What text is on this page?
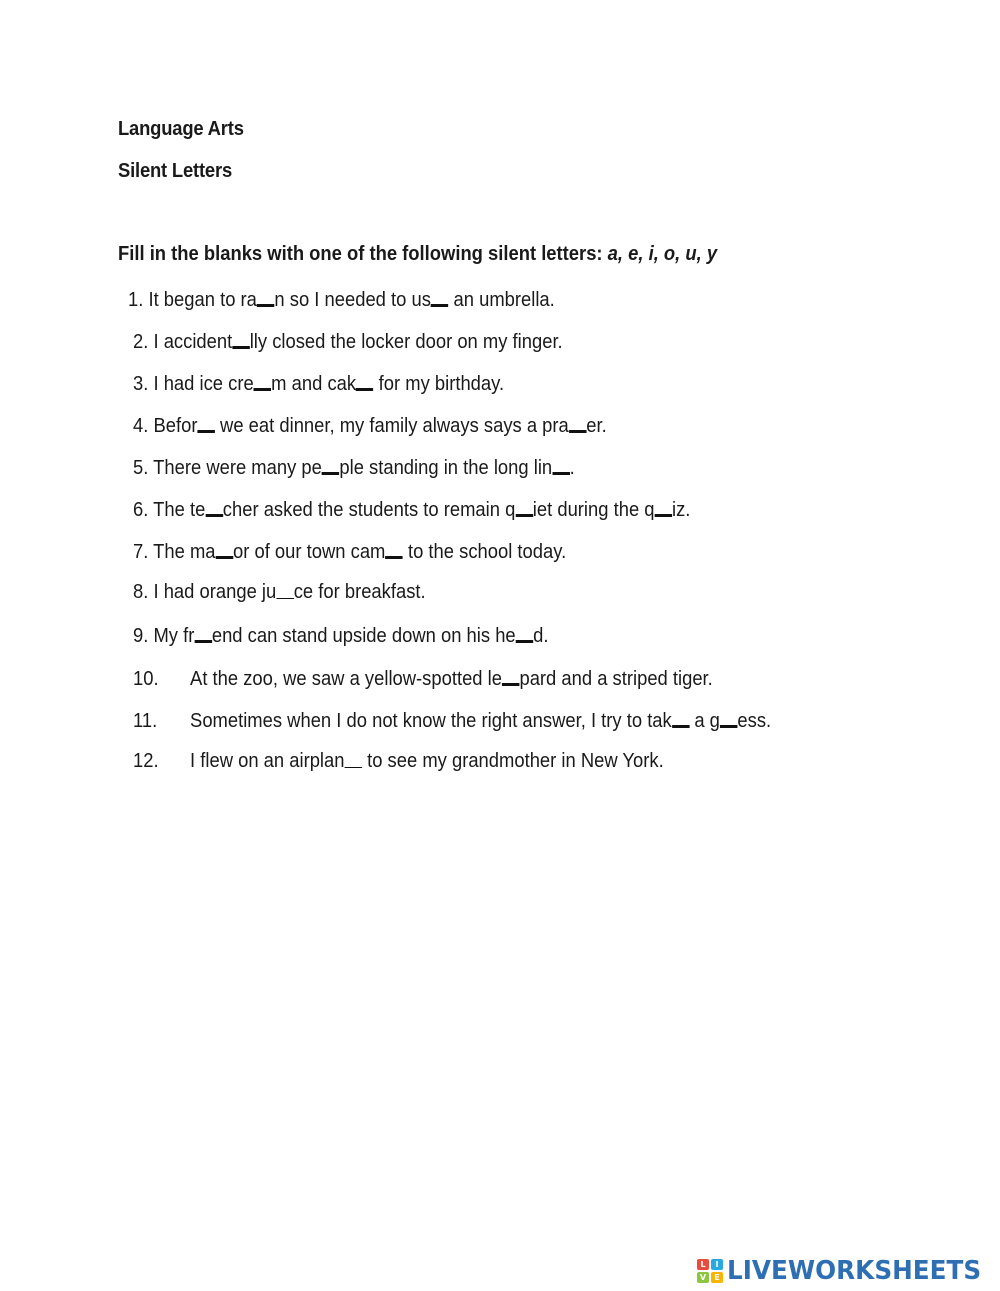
Language Arts
Silent Letters
Fill in the blanks with one of the following silent letters: a, e, i, o, u, y
1. It began to ra n so I needed to us an umbrella.
2. I accident lly closed the locker door on my finger.
3. I had ice cre m and cak for my birthday.
4. Befor we eat dinner, my family always says a pra er.
5. There were many pe ple standing in the long lin .
6. The te cher asked the students to remain q iet during the q iz.
7. The ma or of our town cam to the school today.
8. I had orange ju ce for breakfast.
9. My fr end can stand upside down on his he d.
10. At the zoo, we saw a yellow-spotted le pard and a striped tiger.
11. Sometimes when I do not know the right answer, I try to tak a g ess.
12. I flew on an airplan to see my grandmother in New York.
L	I
V	E LIVEWORKSHEETS
